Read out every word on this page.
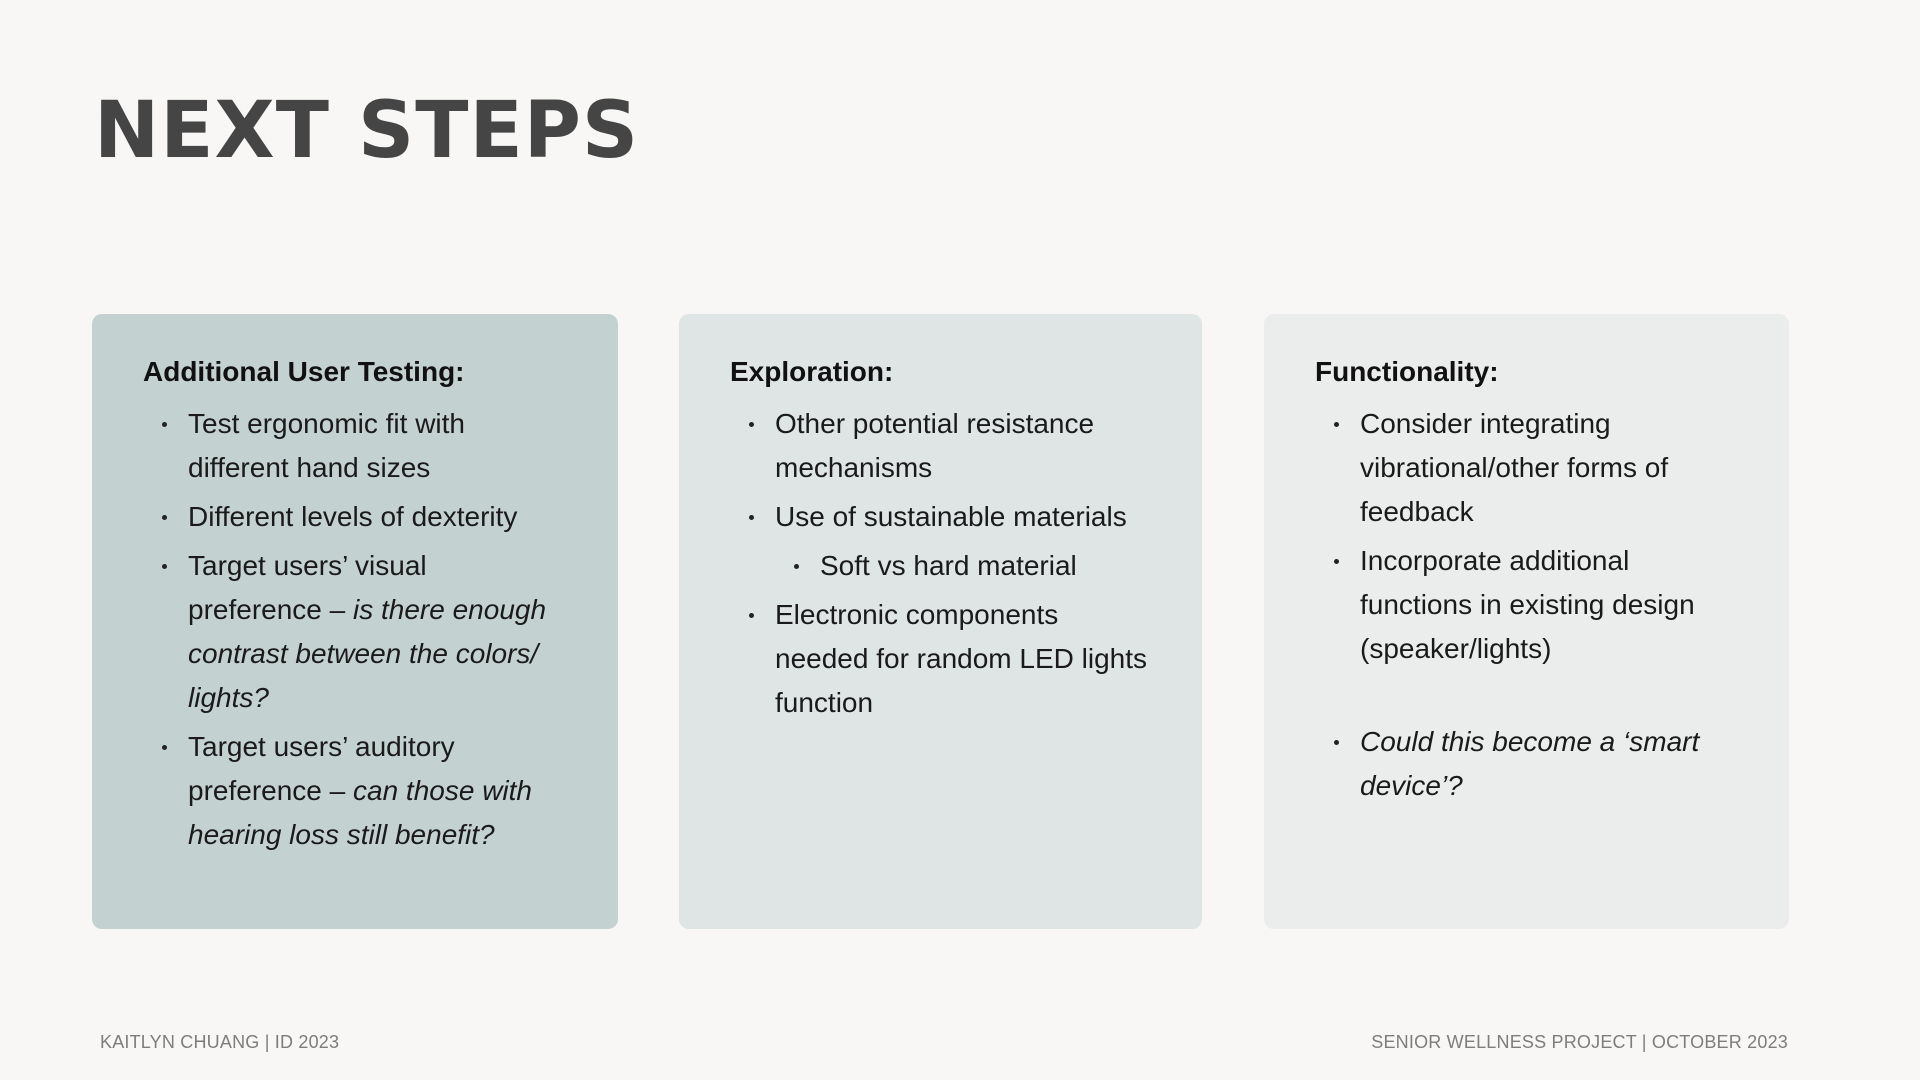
NEXT STEPS
Additional User Testing:
Test ergonomic fit with different hand sizes
Different levels of dexterity
Target users’ visual preference – is there enough contrast between the colors/ lights?
Target users’ auditory preference – can those with hearing loss still benefit?
Exploration:
Other potential resistance mechanisms
Use of sustainable materials
Soft vs hard material
Electronic components needed for random LED lights function
Functionality:
Consider integrating vibrational/other forms of feedback
Incorporate additional functions in existing design (speaker/lights)
Could this become a ‘smart device’?
KAITLYN CHUANG | ID 2023	SENIOR WELLNESS PROJECT | OCTOBER 2023
